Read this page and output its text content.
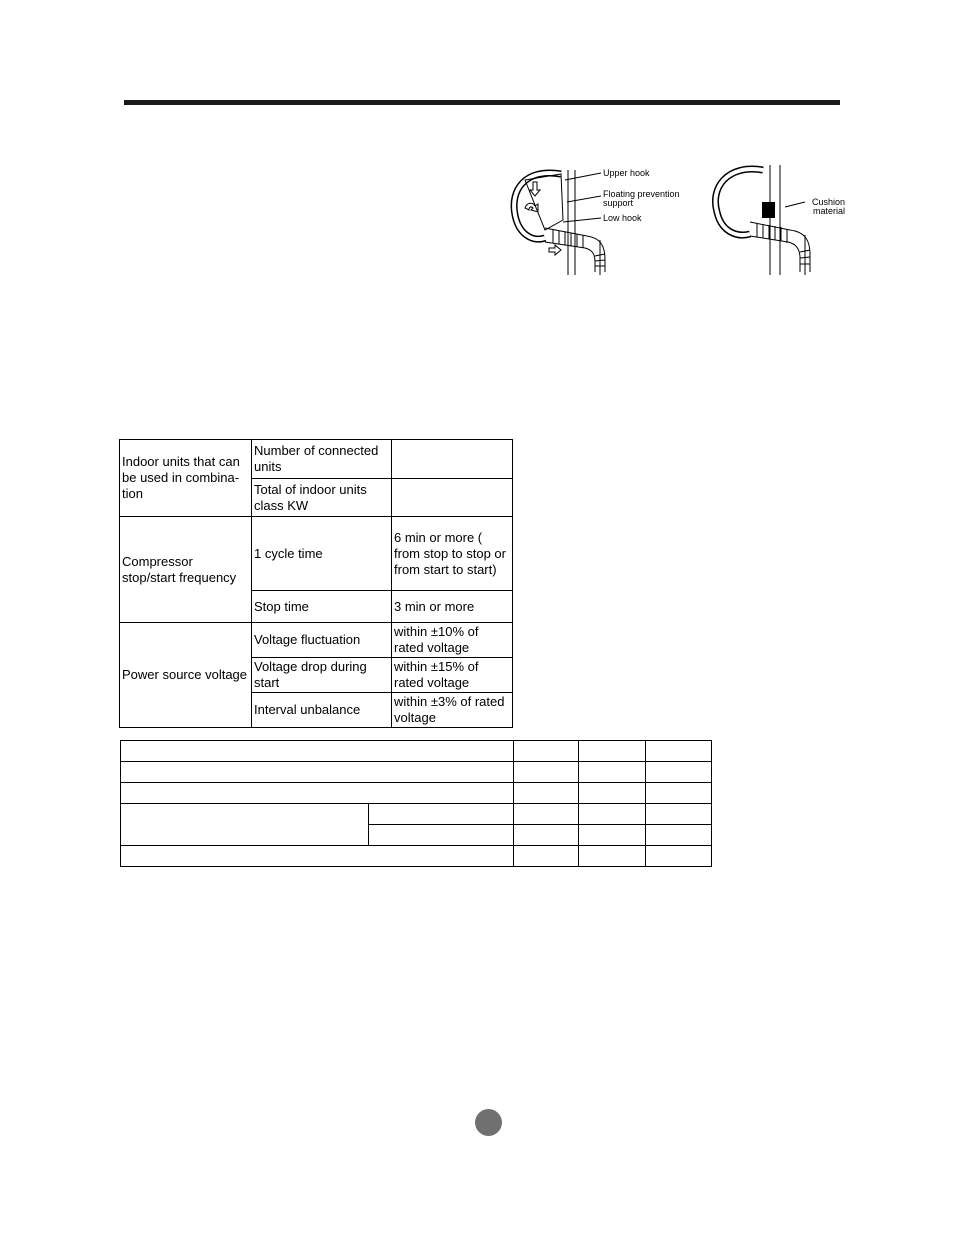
Upper hook
Floating prevention support
Low hook
Cushion material
Indoor units that can be used in combina-tion	Number of connected units	
	Total of indoor units class KW	
Compressor stop/start frequency	1 cycle time	6 min or more ( from stop to stop or from start to start)
	Stop time	3 min or more
Power source voltage	Voltage fluctuation	within ±10% of rated voltage
	Voltage drop during start	within ±15% of rated voltage
	Interval unbalance	within ±3% of rated voltage
